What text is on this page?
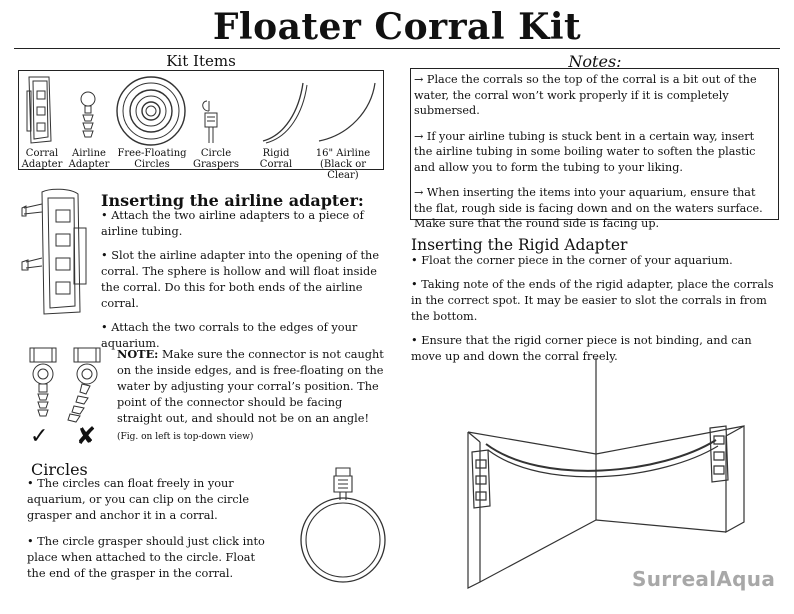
Floater Corral Kit
Kit Items
Corral
Adapter
Airline
Adapter
Free-Floating
Circles
Circle
Graspers
Rigid
Corral
16" Airline
(Black or Clear)
Notes:

→ Place the corrals so the top of the corral is a bit out of the water, the corral won’t work properly if it is completely submersed.

→ If your airline tubing is stuck bent in a certain way, insert the airline tubing in some boiling water to soften the plastic and allow you to form the tubing to your liking.

→ When inserting the items into your aquarium, ensure that the flat, rough side is facing down and on the waters surface. Make sure that the round side is facing up.

Inserting the airline adapter:

• Attach the two airline adapters to a piece of airline tubing.

• Slot the airline adapter into the opening of the corral. The sphere is hollow and will float inside the corral. Do this for both ends of the airline corral.

• Attach the two corrals to the edges of your aquarium.

✓ ✘
NOTE: Make sure the connector is not caught on the inside edges, and is free-floating on the water by adjusting your corral’s position. The point of the connector should be facing straight out, and should not be on an angle!
(Fig. on left is top-down view)
Circles

• The circles can float freely in your aquarium, or you can clip on the circle grasper and anchor it in a corral.

• The circle grasper should just click into place when attached to the circle. Float the end of the grasper in the corral.

Inserting the Rigid Adapter

• Float the corner piece in the corner of your aquarium.

• Taking note of the ends of the rigid adapter, place the corrals in the correct spot. It may be easier to slot the corrals in from the bottom.

• Ensure that the rigid corner piece is not binding, and can move up and down the corral freely.

SurrealAqua
